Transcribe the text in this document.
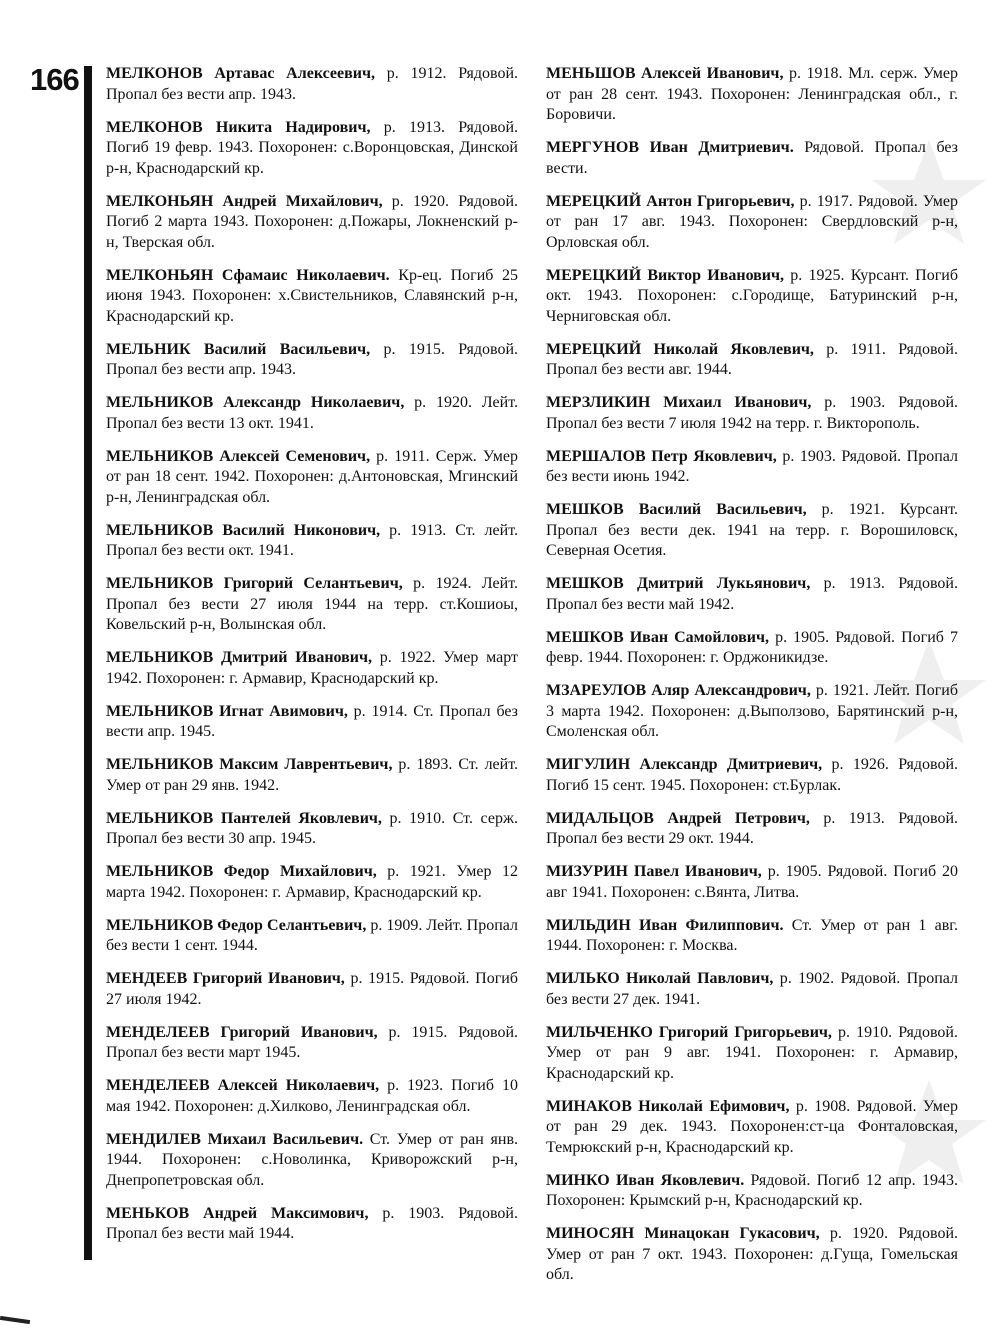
166 МЕЛКОНОВ Артавас Алексеевич, р. 1912. Рядовой. Пропал без вести апр. 1943.

МЕЛКОНОВ Никита Надирович, р. 1913. Рядовой. Погиб 19 февр. 1943. Похоронен: с.Воронцовская, Динской р-н, Краснодарский кр.

МЕЛКОНЬЯН Андрей Михайлович, р. 1920. Рядовой. Погиб 2 марта 1943. Похоронен: д.Пожары, Локненский р-н, Тверская обл.

МЕЛКОНЬЯН Сфамаис Николаевич. Кр-ец. Погиб 25 июня 1943. Похоронен: х.Свистельников, Славянский р-н, Краснодарский кр.

МЕЛЬНИК Василий Васильевич, р. 1915. Рядовой. Пропал без вести апр. 1943.

МЕЛЬНИКОВ Александр Николаевич, р. 1920. Лейт. Пропал без вести 13 окт. 1941.

МЕЛЬНИКОВ Алексей Семенович, р. 1911. Серж. Умер от ран 18 сент. 1942. Похоронен: д.Антоновская, Мгинский р-н, Ленинградская обл.

МЕЛЬНИКОВ Василий Никонович, р. 1913. Ст. лейт. Пропал без вести окт. 1941.

МЕЛЬНИКОВ Григорий Селантьевич, р. 1924. Лейт. Пропал без вести 27 июля 1944 на терр. ст.Кошиоы, Ковельский р-н, Волынская обл.

МЕЛЬНИКОВ Дмитрий Иванович, р. 1922. Умер март 1942. Похоронен: г. Армавир, Краснодарский кр.

МЕЛЬНИКОВ Игнат Авимович, р. 1914. Ст. Пропал без вести апр. 1945.

МЕЛЬНИКОВ Максим Лаврентьевич, р. 1893. Ст. лейт. Умер от ран 29 янв. 1942.

МЕЛЬНИКОВ Пантелей Яковлевич, р. 1910. Ст. серж. Пропал без вести 30 апр. 1945.

МЕЛЬНИКОВ Федор Михайлович, р. 1921. Умер 12 марта 1942. Похоронен: г. Армавир, Краснодарский кр.

МЕЛЬНИКОВ Федор Селантьевич, р. 1909. Лейт. Пропал без вести 1 сент. 1944.

МЕНДЕЕВ Григорий Иванович, р. 1915. Рядовой. Погиб 27 июля 1942.

МЕНДЕЛЕЕВ Григорий Иванович, р. 1915. Рядовой. Пропал без вести март 1945.

МЕНДЕЛЕЕВ Алексей Николаевич, р. 1923. Погиб 10 мая 1942. Похоронен: д.Хилково, Ленинградская обл.

МЕНДИЛЕВ Михаил Васильевич. Ст. Умер от ран янв. 1944. Похоронен: с.Новолинка, Криворожский р-н, Днепропетровская обл.

МЕНЬКОВ Андрей Максимович, р. 1903. Рядовой. Пропал без вести май 1944.

МЕНЬШОВ Алексей Иванович, р. 1918. Мл. серж. Умер от ран 28 сент. 1943. Похоронен: Ленинградская обл., г. Боровичи.

МЕРГУНОВ Иван Дмитриевич. Рядовой. Пропал без вести.

МЕРЕЦКИЙ Антон Григорьевич, р. 1917. Рядовой. Умер от ран 17 авг. 1943. Похоронен: Свердловский р-н, Орловская обл.

МЕРЕЦКИЙ Виктор Иванович, р. 1925. Курсант. Погиб окт. 1943. Похоронен: с.Городище, Батуринский р-н, Черниговская обл.

МЕРЕЦКИЙ Николай Яковлевич, р. 1911. Рядовой. Пропал без вести авг. 1944.

МЕРЗЛИКИН Михаил Иванович, р. 1903. Рядовой. Пропал без вести 7 июля 1942 на терр. г. Викторополь.

МЕРШАЛОВ Петр Яковлевич, р. 1903. Рядовой. Пропал без вести июнь 1942.

МЕШКОВ Василий Васильевич, р. 1921. Курсант. Пропал без вести дек. 1941 на терр. г. Ворошиловск, Северная Осетия.

МЕШКОВ Дмитрий Лукьянович, р. 1913. Рядовой. Пропал без вести май 1942.

МЕШКОВ Иван Самойлович, р. 1905. Рядовой. Погиб 7 февр. 1944. Похоронен: г. Орджоникидзе.

МЗАРЕУЛОВ Аляр Александрович, р. 1921. Лейт. Погиб 3 марта 1942. Похоронен: д.Выползово, Барятинский р-н, Смоленская обл.

МИГУЛИН Александр Дмитриевич, р. 1926. Рядовой. Погиб 15 сент. 1945. Похоронен: ст.Бурлак.

МИДАЛЬЦОВ Андрей Петрович, р. 1913. Рядовой. Пропал без вести 29 окт. 1944.

МИЗУРИН Павел Иванович, р. 1905. Рядовой. Погиб 20 авг 1941. Похоронен: с.Вянта, Литва.

МИЛЬДИН Иван Филиппович. Ст. Умер от ран 1 авг. 1944. Похоронен: г. Москва.

МИЛЬКО Николай Павлович, р. 1902. Рядовой. Пропал без вести 27 дек. 1941.

МИЛЬЧЕНКО Григорий Григорьевич, р. 1910. Рядовой. Умер от ран 9 авг. 1941. Похоронен: г. Армавир, Краснодарский кр.

МИНАКОВ Николай Ефимович, р. 1908. Рядовой. Умер от ран 29 дек. 1943. Похоронен:ст-ца Фонталовская, Темрюкский р-н, Краснодарский кр.

МИНКО Иван Яковлевич. Рядовой. Погиб 12 апр. 1943. Похоронен: Крымский р-н, Краснодарский кр.

МИНОСЯН Минацокан Гукасович, р. 1920. Рядовой. Умер от ран 7 окт. 1943. Похоронен: д.Гуща, Гомельская обл.
